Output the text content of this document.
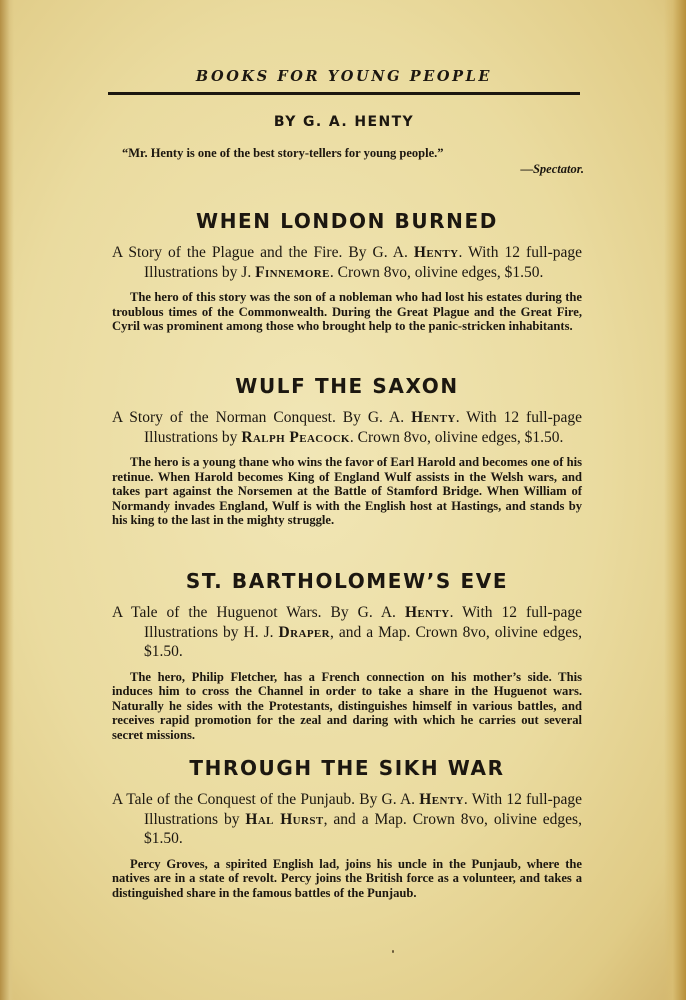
BOOKS FOR YOUNG PEOPLE
BY G. A. HENTY
“Mr. Henty is one of the best story-tellers for young people.”
—Spectator.
WHEN LONDON BURNED

A Story of the Plague and the Fire. By G. A. Henty. With 12 full-page Illustrations by J. Finnemore. Crown 8vo, olivine edges, $1.50.

The hero of this story was the son of a nobleman who had lost his estates during the troublous times of the Commonwealth. During the Great Plague and the Great Fire, Cyril was prominent among those who brought help to the panic-stricken inhabitants.

WULF THE SAXON

A Story of the Norman Conquest. By G. A. Henty. With 12 full-page Illustrations by Ralph Peacock. Crown 8vo, olivine edges, $1.50.

The hero is a young thane who wins the favor of Earl Harold and becomes one of his retinue. When Harold becomes King of England Wulf assists in the Welsh wars, and takes part against the Norsemen at the Battle of Stamford Bridge. When William of Normandy invades England, Wulf is with the English host at Hastings, and stands by his king to the last in the mighty struggle.

ST. BARTHOLOMEW’S EVE

A Tale of the Huguenot Wars. By G. A. Henty. With 12 full-page Illustrations by H. J. Draper, and a Map. Crown 8vo, olivine edges, $1.50.

The hero, Philip Fletcher, has a French connection on his mother’s side. This induces him to cross the Channel in order to take a share in the Huguenot wars. Naturally he sides with the Protestants, distinguishes himself in various battles, and receives rapid promotion for the zeal and daring with which he carries out several secret missions.

THROUGH THE SIKH WAR

A Tale of the Conquest of the Punjaub. By G. A. Henty. With 12 full-page Illustrations by Hal Hurst, and a Map. Crown 8vo, olivine edges, $1.50.

Percy Groves, a spirited English lad, joins his uncle in the Punjaub, where the natives are in a state of revolt. Percy joins the British force as a volunteer, and takes a distinguished share in the famous battles of the Punjaub.
